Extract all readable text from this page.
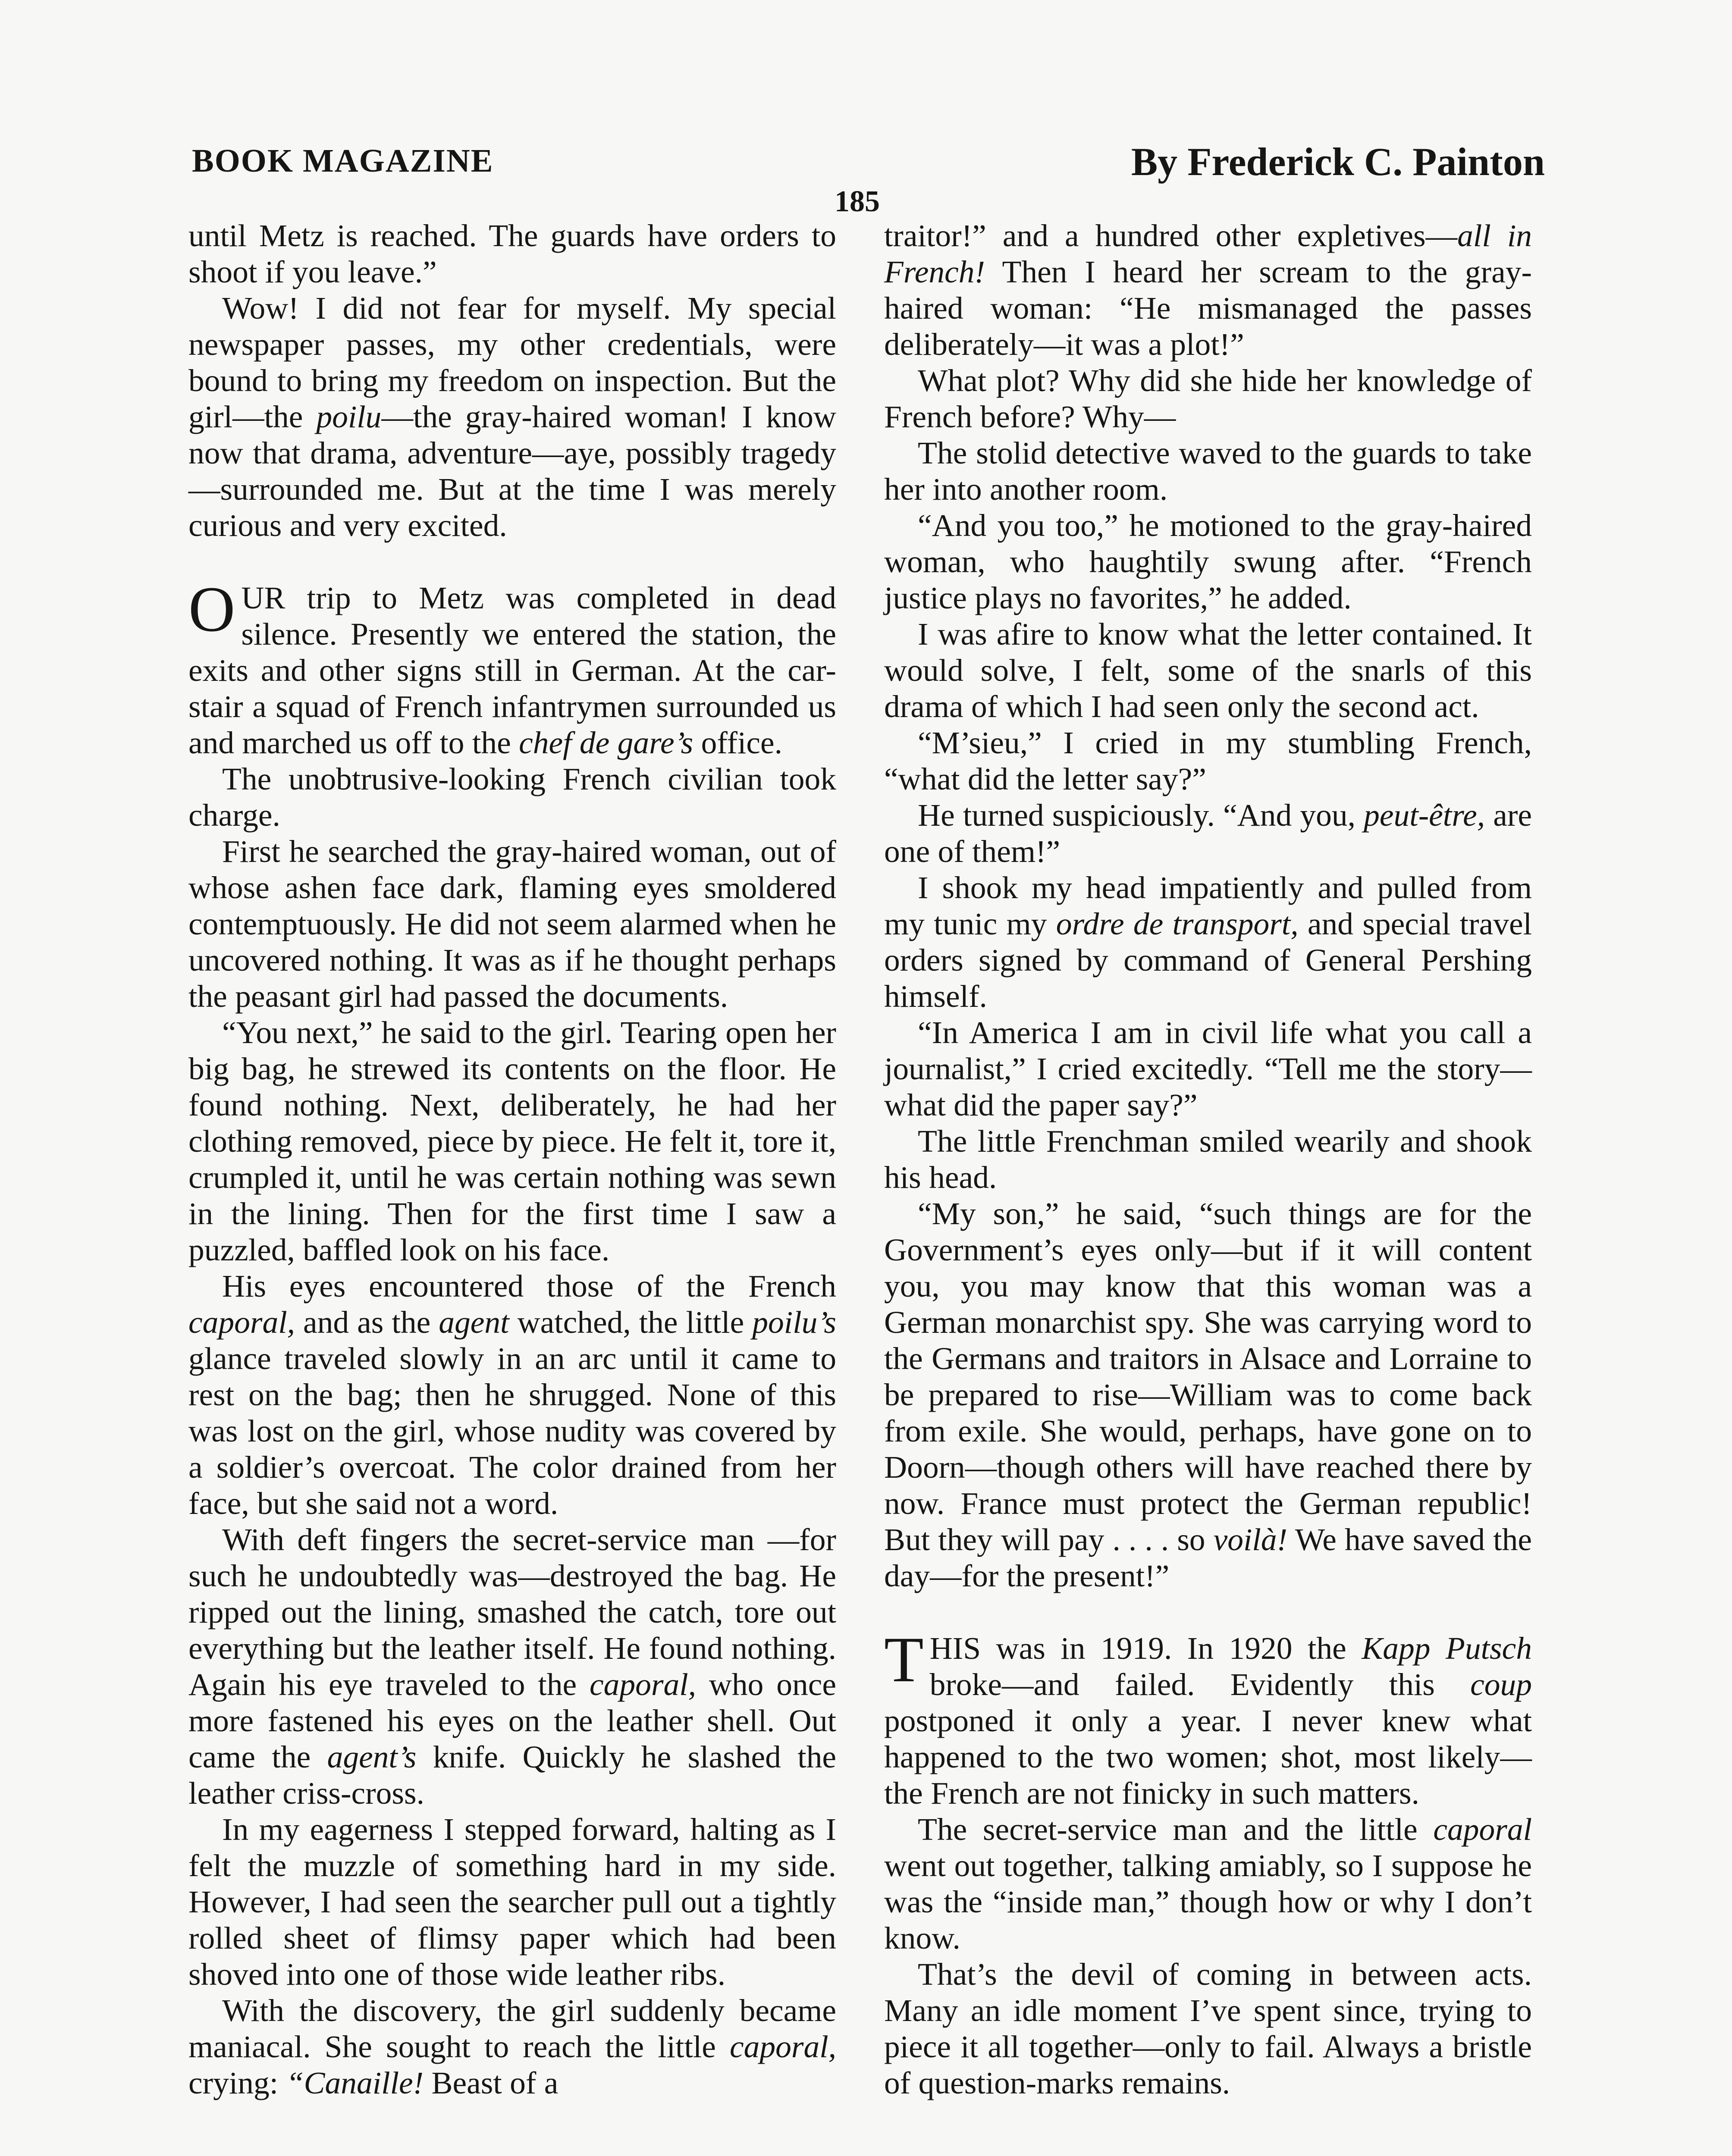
BOOK MAGAZINE	By Frederick C. Painton
185

until Metz is reached. The guards have orders to shoot if you leave.”

Wow! I did not fear for myself. My special newspaper passes, my other credentials, were bound to bring my freedom on inspection. But the girl—the poilu—the gray-haired woman! I know now that drama, adventure—aye, possibly tragedy—surrounded me. But at the time I was merely curious and very excited.

OUR trip to Metz was completed in dead silence. Presently we entered the station, the exits and other signs still in German. At the car-stair a squad of French infantrymen surrounded us and marched us off to the chef de gare’s office.

The unobtrusive-looking French civilian took charge.

First he searched the gray-haired woman, out of whose ashen face dark, flaming eyes smoldered contemptuously. He did not seem alarmed when he uncovered nothing. It was as if he thought perhaps the peasant girl had passed the documents.

“You next,” he said to the girl. Tearing open her big bag, he strewed its contents on the floor. He found nothing. Next, deliberately, he had her clothing removed, piece by piece. He felt it, tore it, crumpled it, until he was certain nothing was sewn in the lining. Then for the first time I saw a puzzled, baffled look on his face.

His eyes encountered those of the French caporal, and as the agent watched, the little poilu’s glance traveled slowly in an arc until it came to rest on the bag; then he shrugged. None of this was lost on the girl, whose nudity was covered by a soldier’s overcoat. The color drained from her face, but she said not a word.

With deft fingers the secret-service man —for such he undoubtedly was—destroyed the bag. He ripped out the lining, smashed the catch, tore out everything but the leather itself. He found nothing. Again his eye traveled to the caporal, who once more fastened his eyes on the leather shell. Out came the agent’s knife. Quickly he slashed the leather criss-cross.

In my eagerness I stepped forward, halting as I felt the muzzle of something hard in my side. However, I had seen the searcher pull out a tightly rolled sheet of flimsy paper which had been shoved into one of those wide leather ribs.

With the discovery, the girl suddenly became maniacal. She sought to reach the little caporal, crying: “Canaille! Beast of a

traitor!” and a hundred other expletives—all in French! Then I heard her scream to the gray-haired woman: “He mismanaged the passes deliberately—it was a plot!”

What plot? Why did she hide her knowledge of French before? Why—

The stolid detective waved to the guards to take her into another room.

“And you too,” he motioned to the gray-haired woman, who haughtily swung after. “French justice plays no favorites,” he added.

I was afire to know what the letter contained. It would solve, I felt, some of the snarls of this drama of which I had seen only the second act.

“M’sieu,” I cried in my stumbling French, “what did the letter say?”

He turned suspiciously. “And you, peut-être, are one of them!”

I shook my head impatiently and pulled from my tunic my ordre de transport, and special travel orders signed by command of General Pershing himself.

“In America I am in civil life what you call a journalist,” I cried excitedly. “Tell me the story—what did the paper say?”

The little Frenchman smiled wearily and shook his head.

“My son,” he said, “such things are for the Government’s eyes only—but if it will content you, you may know that this woman was a German monarchist spy. She was carrying word to the Germans and traitors in Alsace and Lorraine to be prepared to rise—William was to come back from exile. She would, perhaps, have gone on to Doorn—though others will have reached there by now. France must protect the German republic! But they will pay . . . . so voilà! We have saved the day—for the present!”

THIS was in 1919. In 1920 the Kapp Putsch broke—and failed. Evidently this coup postponed it only a year. I never knew what happened to the two women; shot, most likely—the French are not finicky in such matters.

The secret-service man and the little caporal went out together, talking amiably, so I suppose he was the “inside man,” though how or why I don’t know.

That’s the devil of coming in between acts. Many an idle moment I’ve spent since, trying to piece it all together—only to fail. Always a bristle of question-marks remains.
